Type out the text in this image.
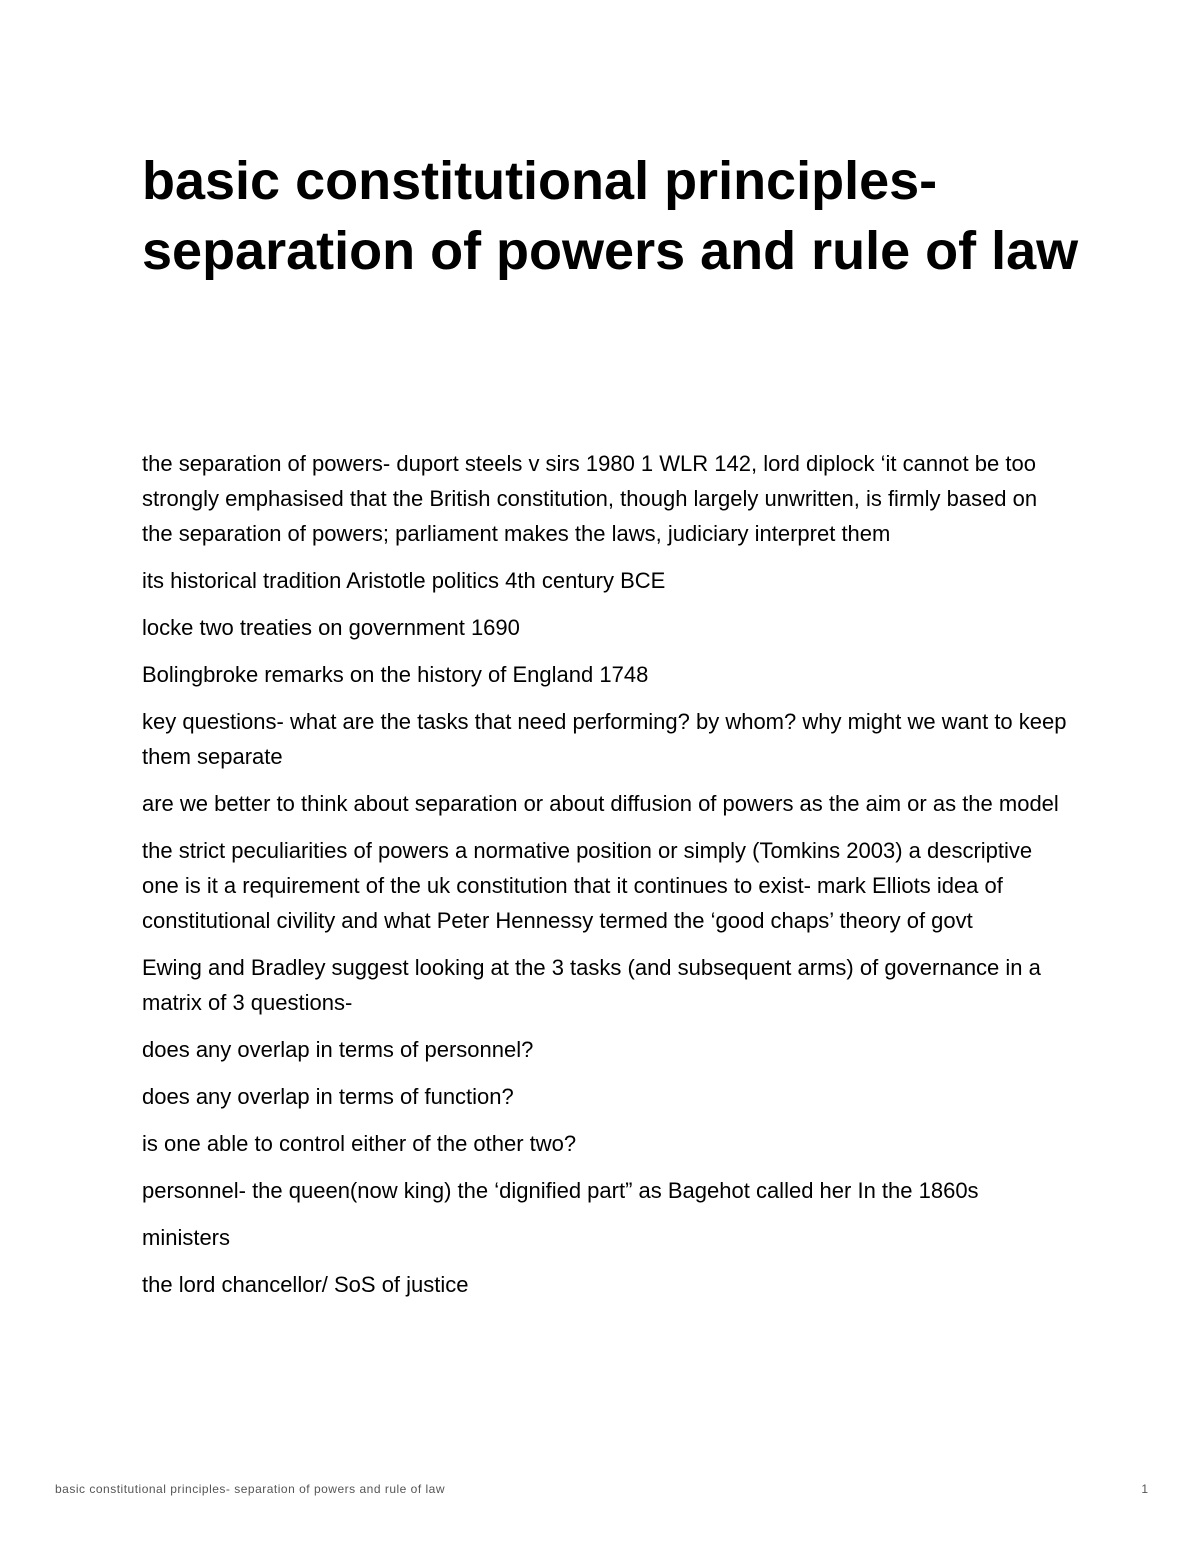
basic constitutional principles- separation of powers and rule of law

the separation of powers- duport steels v sirs 1980 1 WLR 142, lord diplock ‘it cannot be too strongly emphasised that the British constitution, though largely unwritten, is firmly based on the separation of powers; parliament makes the laws, judiciary interpret them

its historical tradition Aristotle politics 4th century BCE

locke two treaties on government 1690

Bolingbroke remarks on the history of England 1748

key questions- what are the tasks that need performing? by whom? why might we want to keep them separate

are we better to think about separation or about diffusion of powers as the aim or as the model

the strict peculiarities of powers a normative position or simply (Tomkins 2003) a descriptive one is it a requirement of the uk constitution that it continues to exist- mark Elliots idea of constitutional civility and what Peter Hennessy termed the ‘good chaps’ theory of govt

Ewing and Bradley suggest looking at the 3 tasks (and subsequent arms) of governance in a matrix of 3 questions-

does any overlap in terms of personnel?

does any overlap in terms of function?

is one able to control either of the other two?

personnel- the queen(now king) the ‘dignified part” as Bagehot called her In the 1860s

ministers

the lord chancellor/ SoS of justice

basic constitutional principles- separation of powers and rule of law	1
